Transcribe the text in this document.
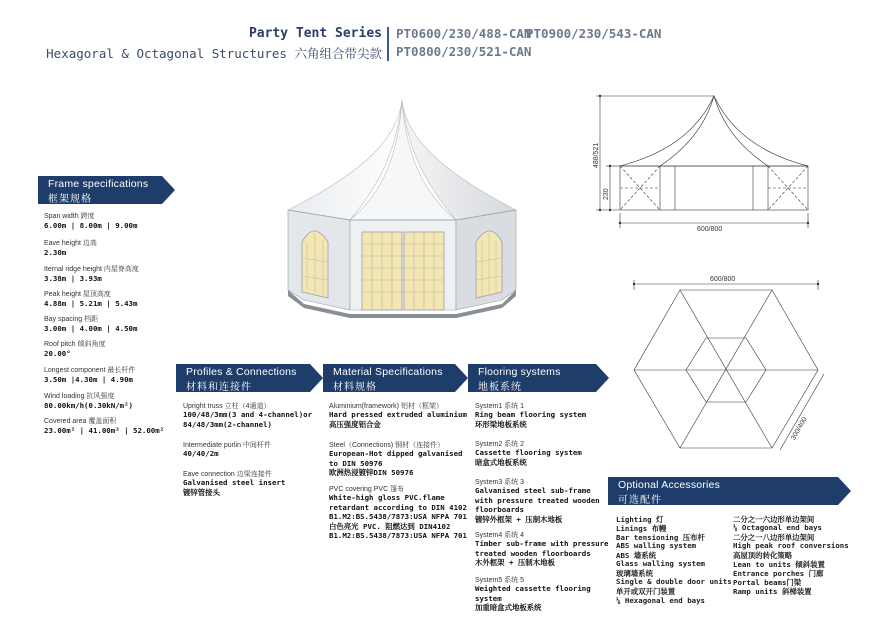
Party Tent Series
Hexagoral & Octagonal Structures 六角组合带尖款
PT0600/230/488-CAN
PT0900/230/543-CAN
PT0800/230/521-CAN
488/521
230
600/800
600/800
300/400
Frame specifications
框架规格
Span width 跨度
6.00m | 8.00m | 9.00m
Eave height 边高
2.30m
Iternal ridge height 内屋脊高度
3.38m | 3.93m
Peak height 屋顶高度
4.88m | 5.21m | 5.43m
Bay spacing 档距
3.00m | 4.00m | 4.50m
Roof pitch 倾斜角度
20.00°
Longest component 最长杆件
3.50m |4.30m | 4.90m
Wind loading 抗风强度
80.00km/h(0.30kN/m²)
Covered area 覆盖面积
23.00m² | 41.00m² | 52.00m²
Profiles & Connections
材料和连接件
Upright truss 立柱（4通道）
100/48/3mm(3 and 4-channel)or
84/48/3mm(2-channel)
Intermediate purlin 中间杆件
40/40/2m
Eave connection 边梁连接件
Galvanised steel insert
镀锌管接头
Material Specifications
材料规格
Aluminium(framework) 铝材（框架）
Hard pressed extruded aluminium
高压强度铝合金
Steel（Connections) 钢材（连接件）
European-Hot dipped galvanised
to DIN 50976
欧洲热浸镀锌DIN 50976
PVC covering PVC 篷布
White-high gloss PVC.flame
retardant according to DIN 4102
B1.M2:BS.5438/7873:USA NFPA 701
白色亮光 PVC. 阻燃达到 DIN4102
B1.M2:BS.5438/7873:USA NFPA 701
Flooring systems
地板系统
System1 系统 1
Ring beam flooring system
环形梁地板系统
System2 系统 2
Cassette flooring system
暗盒式地板系统
System3 系统 3
Galvanised steel sub-frame
with pressure treated wooden
floorboards
镀锌外框架 + 压制木地板
System4 系统 4
Timber sub-frame with pressure
treated wooden floorboards
木外框架 + 压制木地板
System5 系统 5
Weighted cassette flooring
system
加重暗盒式地板系统
Optional Accessories
可选配件
Lighting 灯
Linings 布幔
Bar tensioning 压布杆
ABS walling system
ABS 墙系统
Glass walling system
玻璃墙系统
Single & double door units
单开或双开门装置
⅙ Hexagonal end bays
二分之一六边形单边架间
⅛ Octagonal end bays
二分之一八边形单边架间
High peak roof conversions
高屋顶的转化策略
Lean to units 倾斜装置
Entrance porches 门廊
Portal beams门梁
Ramp units 斜梯装置
